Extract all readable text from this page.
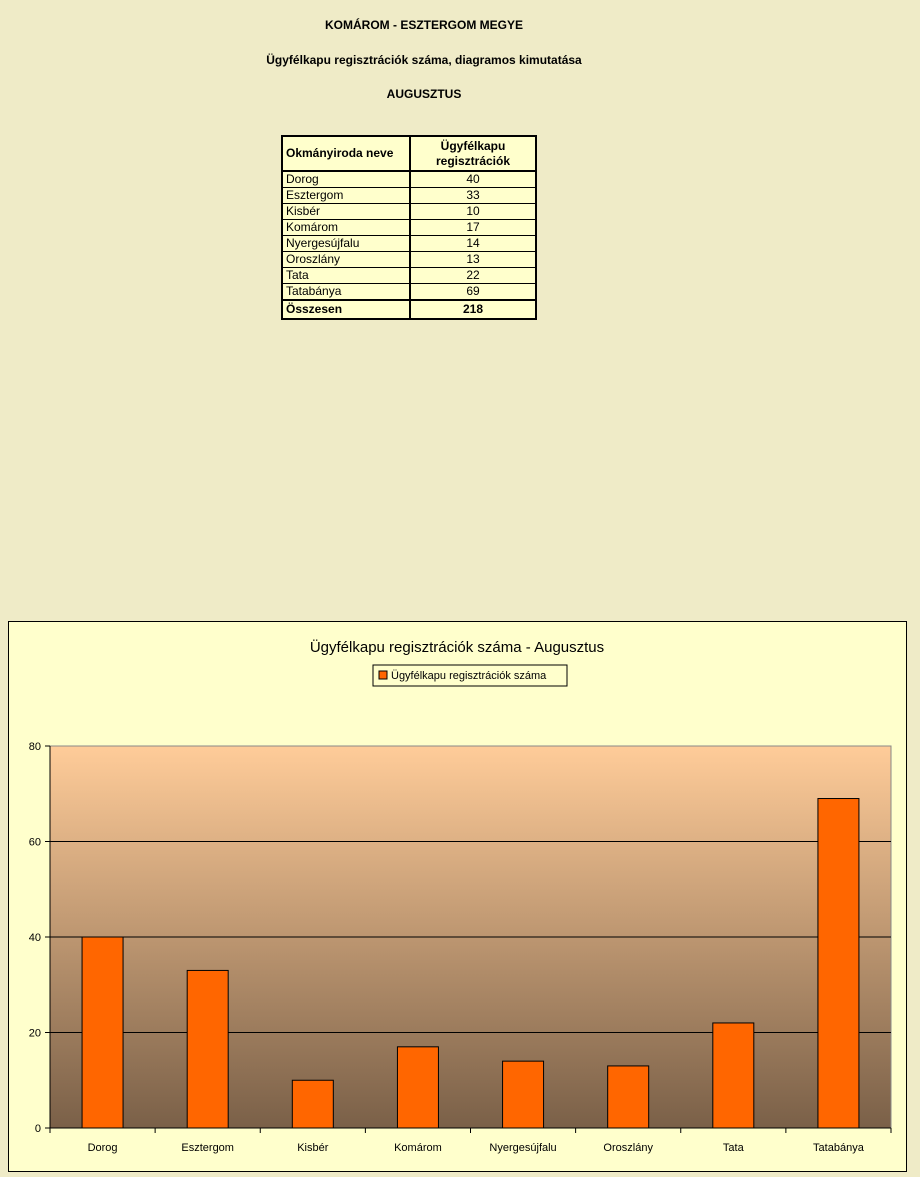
KOMÁROM - ESZTERGOM MEGYE
Ügyfélkapu regisztrációk száma, diagramos kimutatása
AUGUSZTUS
Okmányiroda neve	Ügyfélkapu
regisztrációk
Dorog	40
Esztergom	33
Kisbér	10
Komárom	17
Nyergesújfalu	14
Oroszlány	13
Tata	22
Tatabánya	69
Összesen	218
Ügyfélkapu regisztrációk száma - Augusztus
Ügyfélkapu regisztrációk száma
0
20
40
60
80
Dorog	Esztergom	Kisbér	Komárom	Nyergesújfalu	Oroszlány	Tata	Tatabánya
